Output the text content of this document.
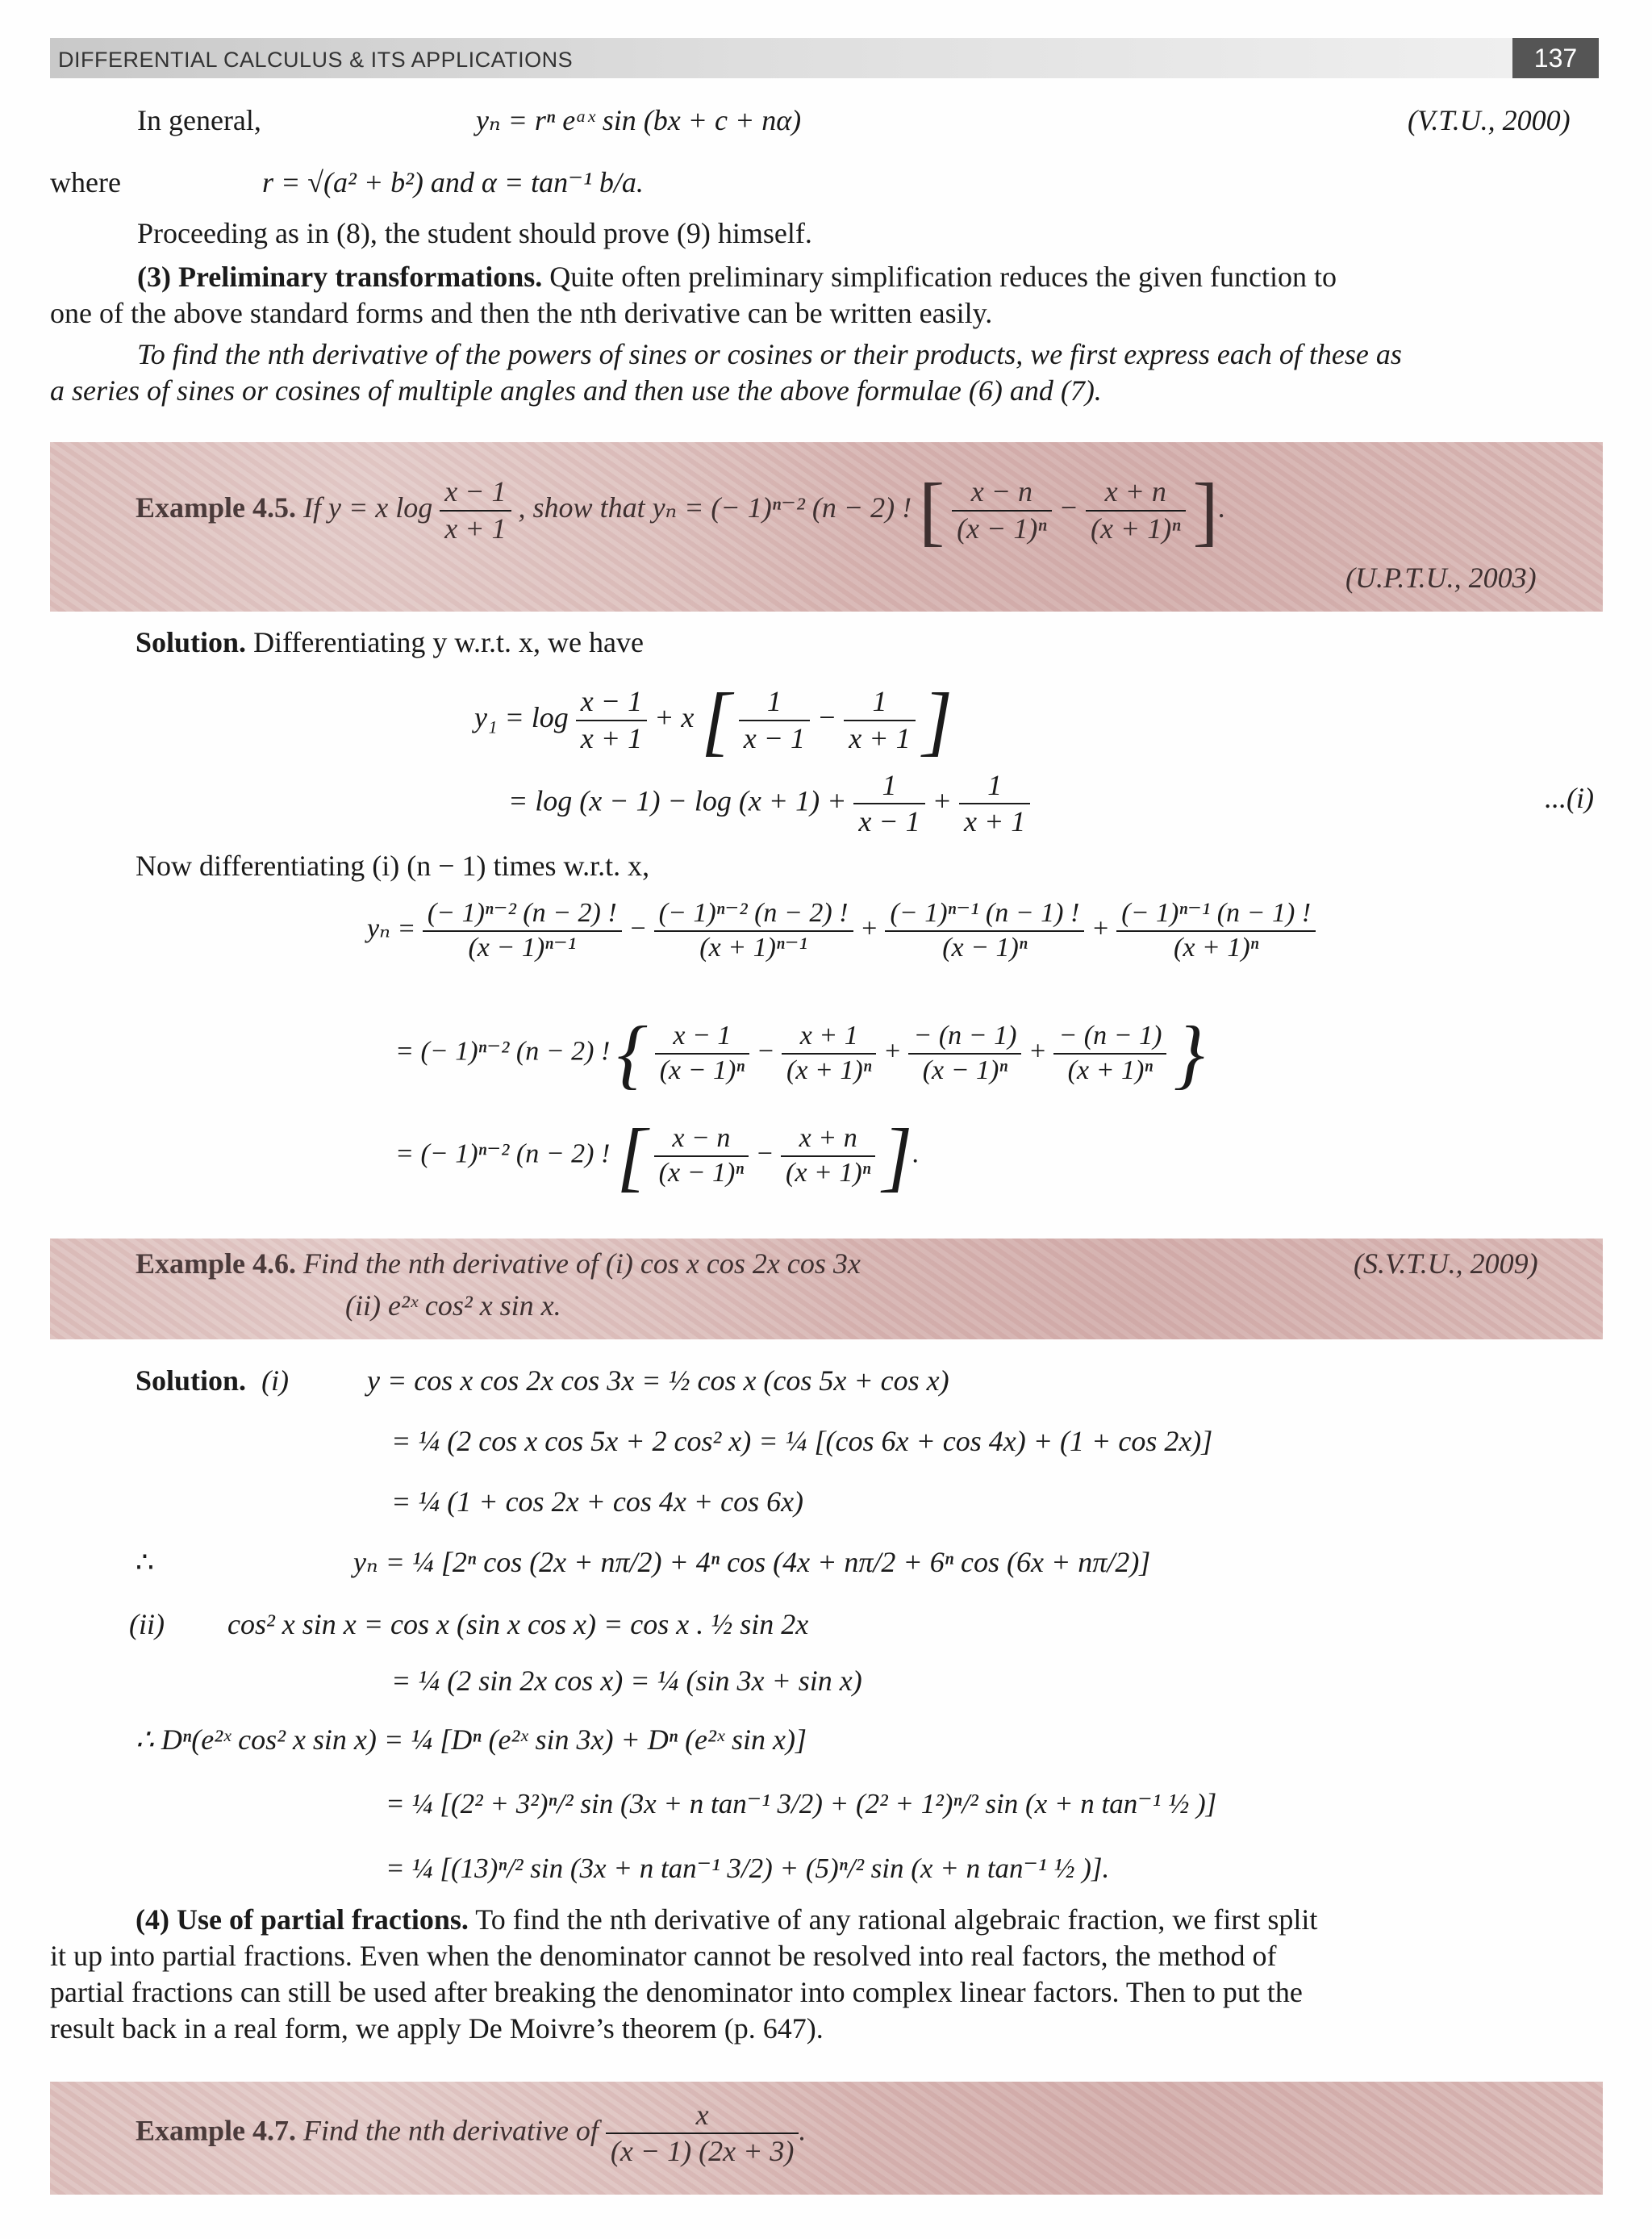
DIFFERENTIAL CALCULUS & ITS APPLICATIONS	137
In general,	yₙ = rⁿ eᵃˣ sin (bx + c + nα)	(V.T.U., 2000)
where	r = √(a² + b²) and α = tan⁻¹ b/a.
Proceeding as in (8), the student should prove (9) himself.
(3) Preliminary transformations. Quite often preliminary simplification reduces the given function to
one of the above standard forms and then the nth derivative can be written easily.
To find the nth derivative of the powers of sines or cosines or their products, we first express each of these as
a series of sines or cosines of multiple angles and then use the above formulae (6) and (7).
Example 4.5. If y = x $\log \frac{x - 1}{x + 1}$ , show that yₙ = (− 1)ⁿ⁻² (n − 2) ! [ $\frac{x - n}{\text{(x − 1)ⁿ}} - \frac{x + n}{\text{(x + 1)ⁿ}}$ ].
(U.P.T.U., 2003)
Solution. Differentiating y w.r.t. x, we have
$y_1 = \log \frac{x - 1}{x + 1} + x$ [ $\frac{1}{x - 1} - \frac{1}{x + 1}$ ]
= $\log (x - 1) - \log (x + 1) + \frac{1}{x - 1} + \frac{1}{x + 1}$	...(i)
Now differentiating (i) (n − 1) times w.r.t. x,
$y_n = \frac{\text{(− 1)ⁿ⁻² (n − 2) !}}{\text{(x − 1)ⁿ⁻¹}} - \frac{\text{(− 1)ⁿ⁻² (n − 2) !}}{\text{(x + 1)ⁿ⁻¹}} + \frac{\text{(− 1)ⁿ⁻¹ (n − 1) !}}{\text{(x − 1)ⁿ}} + \frac{\text{(− 1)ⁿ⁻¹ (n − 1) !}}{\text{(x + 1)ⁿ}}$
= (− 1)ⁿ⁻² (n − 2) ! { $\frac{x - 1}{\text{(x − 1)ⁿ}} - \frac{x + 1}{\text{(x + 1)ⁿ}} + \frac{- (n - 1)}{\text{(x − 1)ⁿ}} + \frac{- (n - 1)}{\text{(x + 1)ⁿ}}$ }
= (− 1)ⁿ⁻² (n − 2) ! [ $\frac{x - n}{\text{(x − 1)ⁿ}} - \frac{x + n}{\text{(x + 1)ⁿ}}$ ].
Example 4.6. Find the nth derivative of (i) cos x cos 2x cos 3x
(ii) e²ˣ cos² x sin x.
(S.V.T.U., 2009)
Solution. (i)	y = cos x cos 2x cos 3x = ½ cos x (cos 5x + cos x)
= ¼ (2 cos x cos 5x + 2 cos² x) = ¼ [(cos 6x + cos 4x) + (1 + cos 2x)]
= ¼ (1 + cos 2x + cos 4x + cos 6x)
∴	yₙ = ¼ [2ⁿ cos (2x + nπ/2) + 4ⁿ cos (4x + nπ/2 + 6ⁿ cos (6x + nπ/2)]
(ii) cos² x sin x = cos x (sin x cos x) = cos x . ½ sin 2x
= ¼ (2 sin 2x cos x) = ¼ (sin 3x + sin x)
∴ Dⁿ(e²ˣ cos² x sin x) = ¼ [Dⁿ (e²ˣ sin 3x) + Dⁿ (e²ˣ sin x)]
= ¼ [(2² + 3²)ⁿ/² sin (3x + n tan⁻¹ 3/2) + (2² + 1²)ⁿ/² sin (x + n tan⁻¹ ½ )]
= ¼ [(13)ⁿ/² sin (3x + n tan⁻¹ 3/2) + (5)ⁿ/² sin (x + n tan⁻¹ ½ )].
(4) Use of partial fractions. To find the nth derivative of any rational algebraic fraction, we first split
it up into partial fractions. Even when the denominator cannot be resolved into real factors, the method of
partial fractions can still be used after breaking the denominator into complex linear factors. Then to put the
result back in a real form, we apply De Moivre’s theorem (p. 647).
Example 4.7. Find the nth derivative of $\frac{x}{(x - 1) (2x + 3)}$ .
